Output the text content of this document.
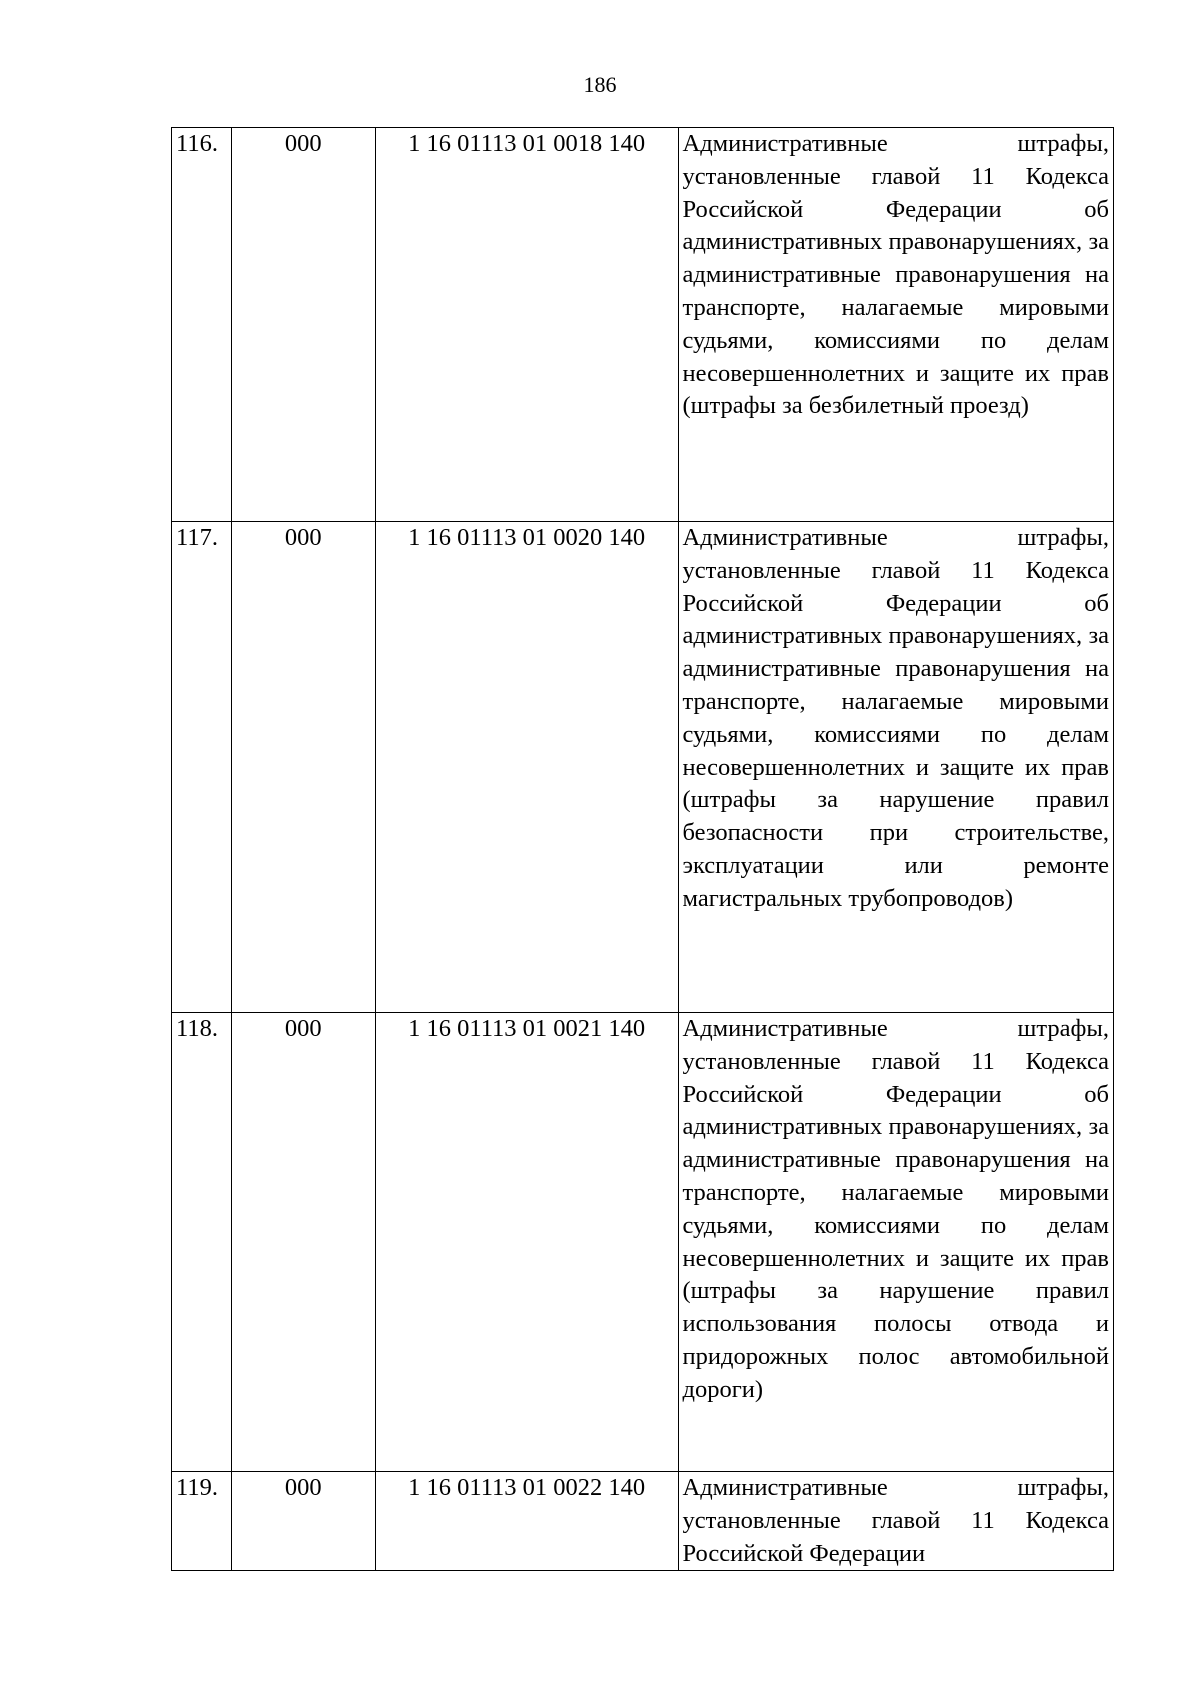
186
116.	000	1 16 01113 01 0018 140	Административные штрафы, установленные главой 11 Кодекса Российской Федерации об административных правонарушениях, за административные правонарушения на транспорте, налагаемые мировыми судьями, комиссиями по делам несовершеннолетних и защите их прав (штрафы за безбилетный проезд)
117.	000	1 16 01113 01 0020 140	Административные штрафы, установленные главой 11 Кодекса Российской Федерации об административных правонарушениях, за административные правонарушения на транспорте, налагаемые мировыми судьями, комиссиями по делам несовершеннолетних и защите их прав (штрафы за нарушение правил безопасности при строительстве, эксплуатации или ремонте магистральных трубопроводов)
118.	000	1 16 01113 01 0021 140	Административные штрафы, установленные главой 11 Кодекса Российской Федерации об административных правонарушениях, за административные правонарушения на транспорте, налагаемые мировыми судьями, комиссиями по делам несовершеннолетних и защите их прав (штрафы за нарушение правил использования полосы отвода и придорожных полос автомобильной дороги)
119.	000	1 16 01113 01 0022 140	Административные штрафы, установленные главой 11 Кодекса Российской Федерации
